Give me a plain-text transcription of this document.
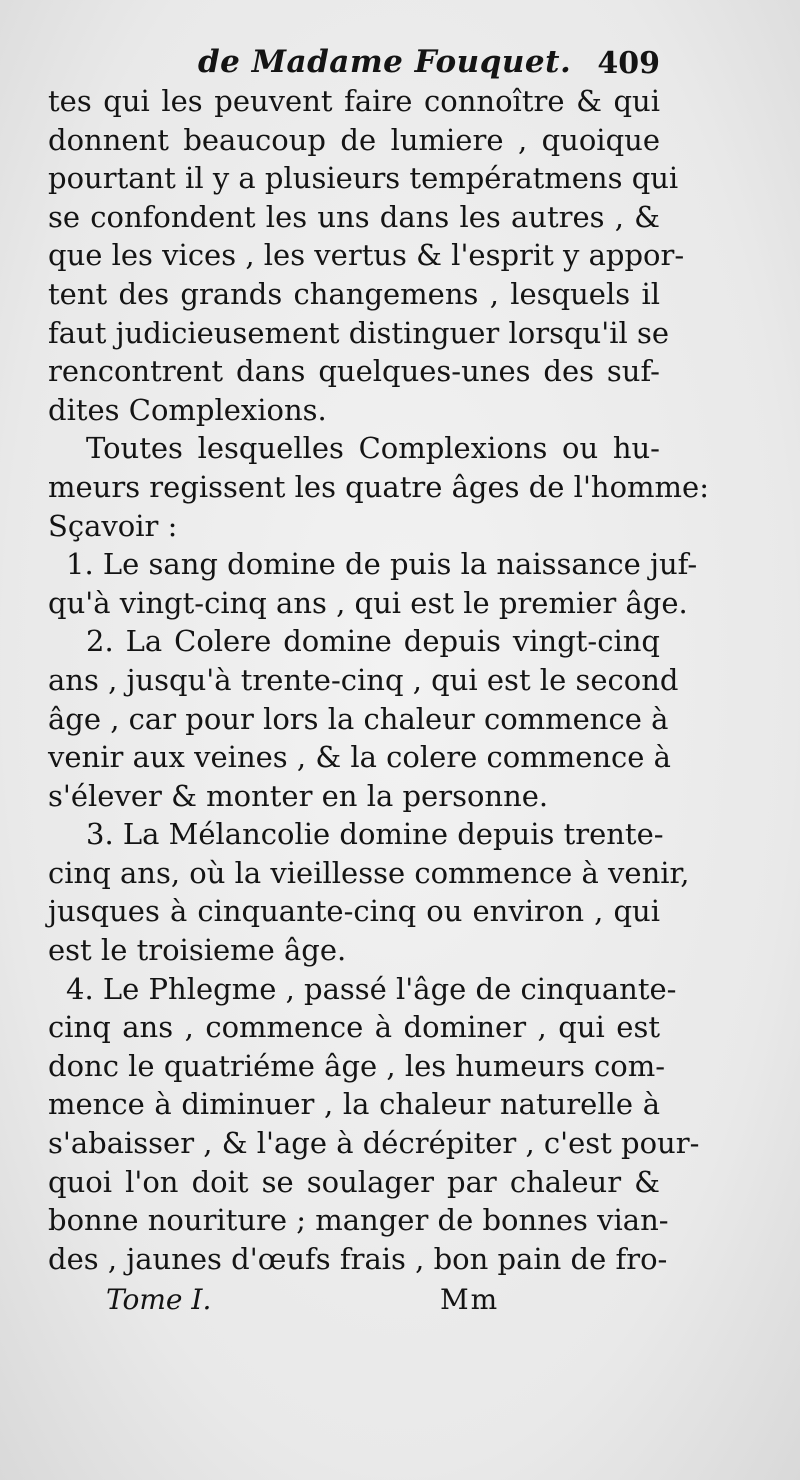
de Madame Fouquet. 409
tes qui les peuvent faire connoître & qui
donnent beaucoup de lumiere , quoique
pourtant il y a plusieurs températmens qui
se confondent les uns dans les autres , &
que les vices , les vertus & l'esprit y appor-
tent des grands changemens , lesquels il
faut judicieusement distinguer lorsqu'il se
rencontrent dans quelques-unes des suf-
dites Complexions.
Toutes lesquelles Complexions ou hu-
meurs regissent les quatre âges de l'homme:
Sçavoir :
1. Le sang domine de puis la naissance juf-
qu'à vingt-cinq ans , qui est le premier âge.
2. La Colere domine depuis vingt-cinq
ans , jusqu'à trente-cinq , qui est le second
âge , car pour lors la chaleur commence à
venir aux veines , & la colere commence à
s'élever & monter en la personne.
3. La Mélancolie domine depuis trente-
cinq ans, où la vieillesse commence à venir,
jusques à cinquante-cinq ou environ , qui
est le troisieme âge.
4. Le Phlegme , passé l'âge de cinquante-
cinq ans , commence à dominer , qui est
donc le quatriéme âge , les humeurs com-
mence à diminuer , la chaleur naturelle à
s'abaisser , & l'age à décrépiter , c'est pour-
quoi l'on doit se soulager par chaleur &
bonne nouriture ; manger de bonnes vian-
des , jaunes d'œufs frais , bon pain de fro-
Tome I.	Mm
